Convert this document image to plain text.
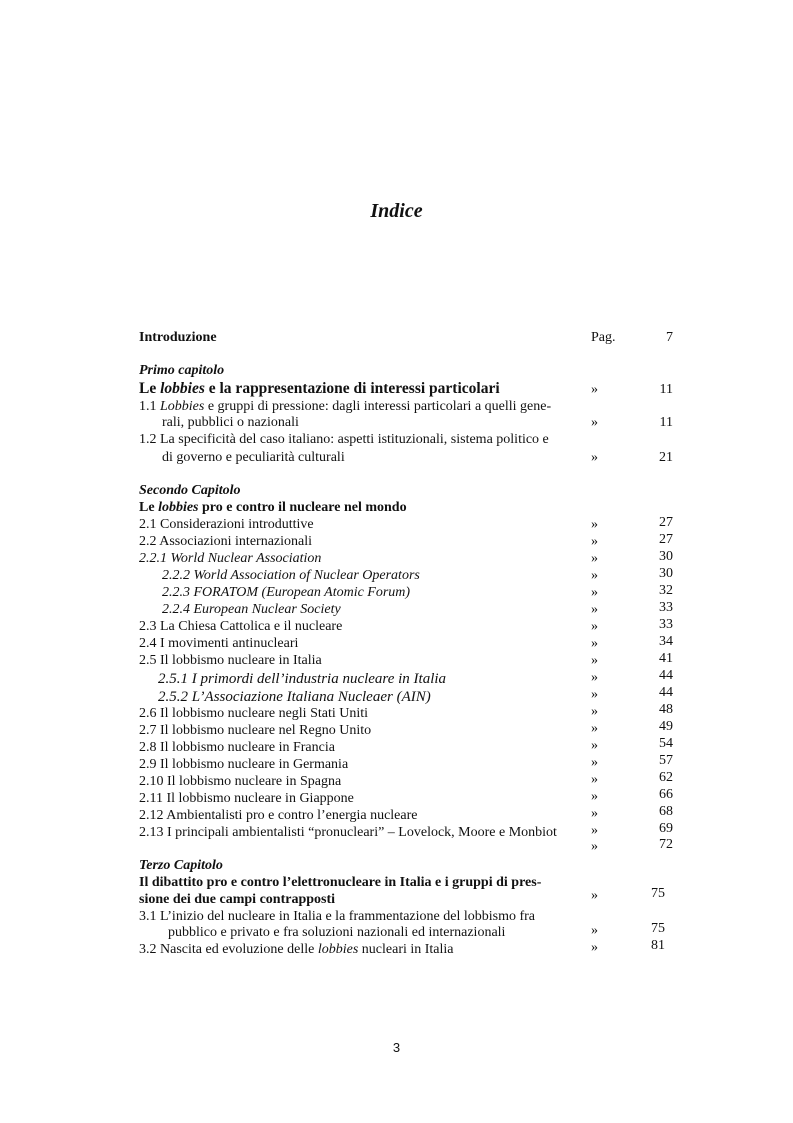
Indice
Introduzione	Pag.	7
Primo capitolo
Le lobbies e la rappresentazione di interessi particolari	»	11
1.1 Lobbies e gruppi di pressione: dagli interessi particolari a quelli gene-
rali, pubblici o nazionali	»	11
1.2 La specificità del caso italiano: aspetti istituzionali, sistema politico e
di governo e peculiarità culturali	»	21
Secondo Capitolo
Le lobbies pro e contro il nucleare nel mondo
2.1 Considerazioni introduttive	»	27
2.2 Associazioni internazionali	»	27
2.2.1 World Nuclear Association	»	30
2.2.2 World Association of Nuclear Operators	»	30
2.2.3 FORATOM (European Atomic Forum)	»	32
2.2.4 European Nuclear Society	»	33
2.3 La Chiesa Cattolica e il nucleare	»	33
2.4 I movimenti antinucleari	»	34
2.5 Il lobbismo nucleare in Italia	»	41
2.5.1 I primordi dell’industria nucleare in Italia	»	44
2.5.2 L’Associazione Italiana Nucleaer (AIN)	»	44
2.6 Il lobbismo nucleare negli Stati Uniti	»	48
2.7 Il lobbismo nucleare nel Regno Unito	»	49
2.8 Il lobbismo nucleare in Francia	»	54
2.9 Il lobbismo nucleare in Germania	»	57
2.10 Il lobbismo nucleare in Spagna	»	62
2.11 Il lobbismo nucleare in Giappone	»	66
2.12 Ambientalisti pro e contro l’energia nucleare	»	68
2.13 I principali ambientalisti “pronucleari” – Lovelock, Moore e Monbiot »	69
»	72
Terzo Capitolo
Il dibattito pro e contro l’elettronucleare in Italia e i gruppi di pres-
sione dei due campi contrapposti	»	75
3.1 L’inizio del nucleare in Italia e la frammentazione del lobbismo fra
pubblico e privato e fra soluzioni nazionali ed internazionali	»	75
3.2 Nascita ed evoluzione delle lobbies nucleari in Italia	»	81
3
